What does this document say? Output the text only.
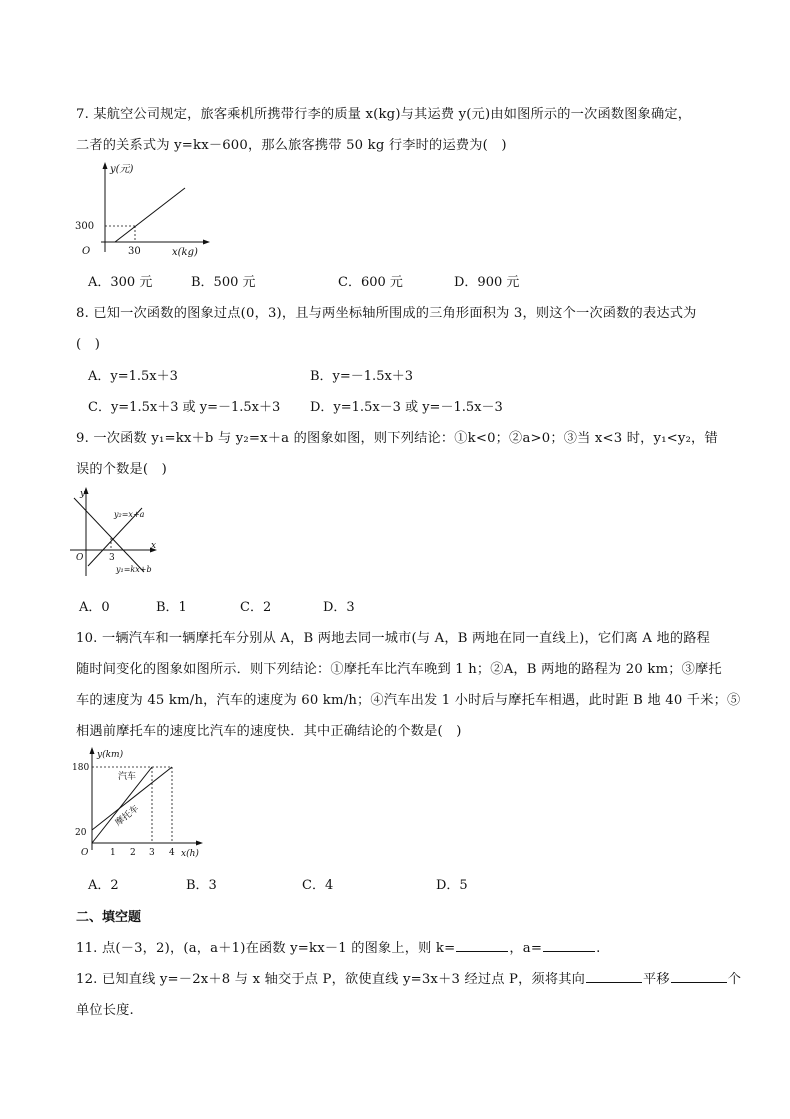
7. 某航空公司规定，旅客乘机所携带行李的质量 x(kg)与其运费 y(元)由如图所示的一次函数图象确定，
二者的关系式为 y=kx－600，那么旅客携带 50 kg 行李时的运费为(　)
y(元)
x(kg)
O
300
30
A．300 元	B．500 元	C．600 元	D．900 元
8. 已知一次函数的图象过点(0，3)，且与两坐标轴所围成的三角形面积为 3，则这个一次函数的表达式为
(　)
A．y=1.5x＋3	B．y=－1.5x＋3
C．y=1.5x＋3 或 y=－1.5x＋3 D．y=1.5x－3 或 y=－1.5x－3
9. 一次函数 y₁=kx＋b 与 y₂=x＋a 的图象如图，则下列结论：①k<0；②a>0；③当 x<3 时，y₁<y₂，错
误的个数是(　)
y
x
O	3
y₂=x+a
y₁=kx+b
A．0	B．1	C．2	D．3
10. 一辆汽车和一辆摩托车分别从 A，B 两地去同一城市(与 A，B 两地在同一直线上)，它们离 A 地的路程
随时间变化的图象如图所示．则下列结论：①摩托车比汽车晚到 1 h；②A，B 两地的路程为 20 km；③摩托
车的速度为 45 km/h，汽车的速度为 60 km/h；④汽车出发 1 小时后与摩托车相遇，此时距 B 地 40 千米；⑤
相遇前摩托车的速度比汽车的速度快．其中正确结论的个数是(　)
y(km)
x(h)
O
180
20
1 2 3 4
汽车
摩托车
A．2	B．3	C．4	D．5
二、填空题
11. 点(－3，2)，(a，a＋1)在函数 y=kx－1 的图象上，则 k=	，a=	.
12. 已知直线 y=－2x＋8 与 x 轴交于点 P，欲使直线 y=3x＋3 经过点 P，须将其向	平移	个
单位长度.
